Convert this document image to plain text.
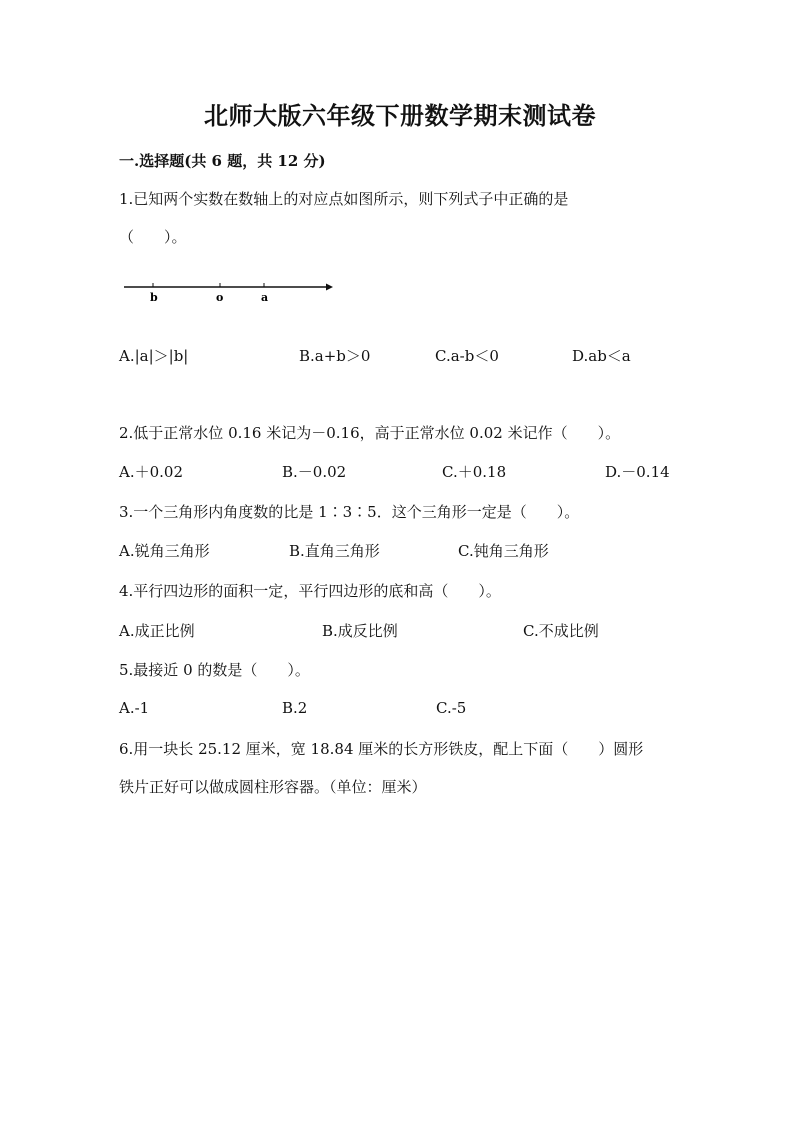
北师大版六年级下册数学期末测试卷
一.选择题(共 6 题，共 12 分)
1.已知两个实数在数轴上的对应点如图所示，则下列式子中正确的是
（　　）。
b	o	a
A.|a|＞|b|	B.a+b＞0	C.a-b＜0	D.ab＜a
2.低于正常水位 0.16 米记为－0.16，高于正常水位 0.02 米记作（　　）。
A.＋0.02	B.－0.02	C.＋0.18	D.－0.14
3.一个三角形内角度数的比是 1∶3∶5．这个三角形一定是（　　）。
A.锐角三角形	B.直角三角形	C.钝角三角形
4.平行四边形的面积一定，平行四边形的底和高（　　）。
A.成正比例	B.成反比例	C.不成比例
5.最接近 0 的数是（　　）。
A.-1	B.2	C.-5
6.用一块长 25.12 厘米，宽 18.84 厘米的长方形铁皮，配上下面（　　）圆形
铁片正好可以做成圆柱形容器。（单位：厘米）
